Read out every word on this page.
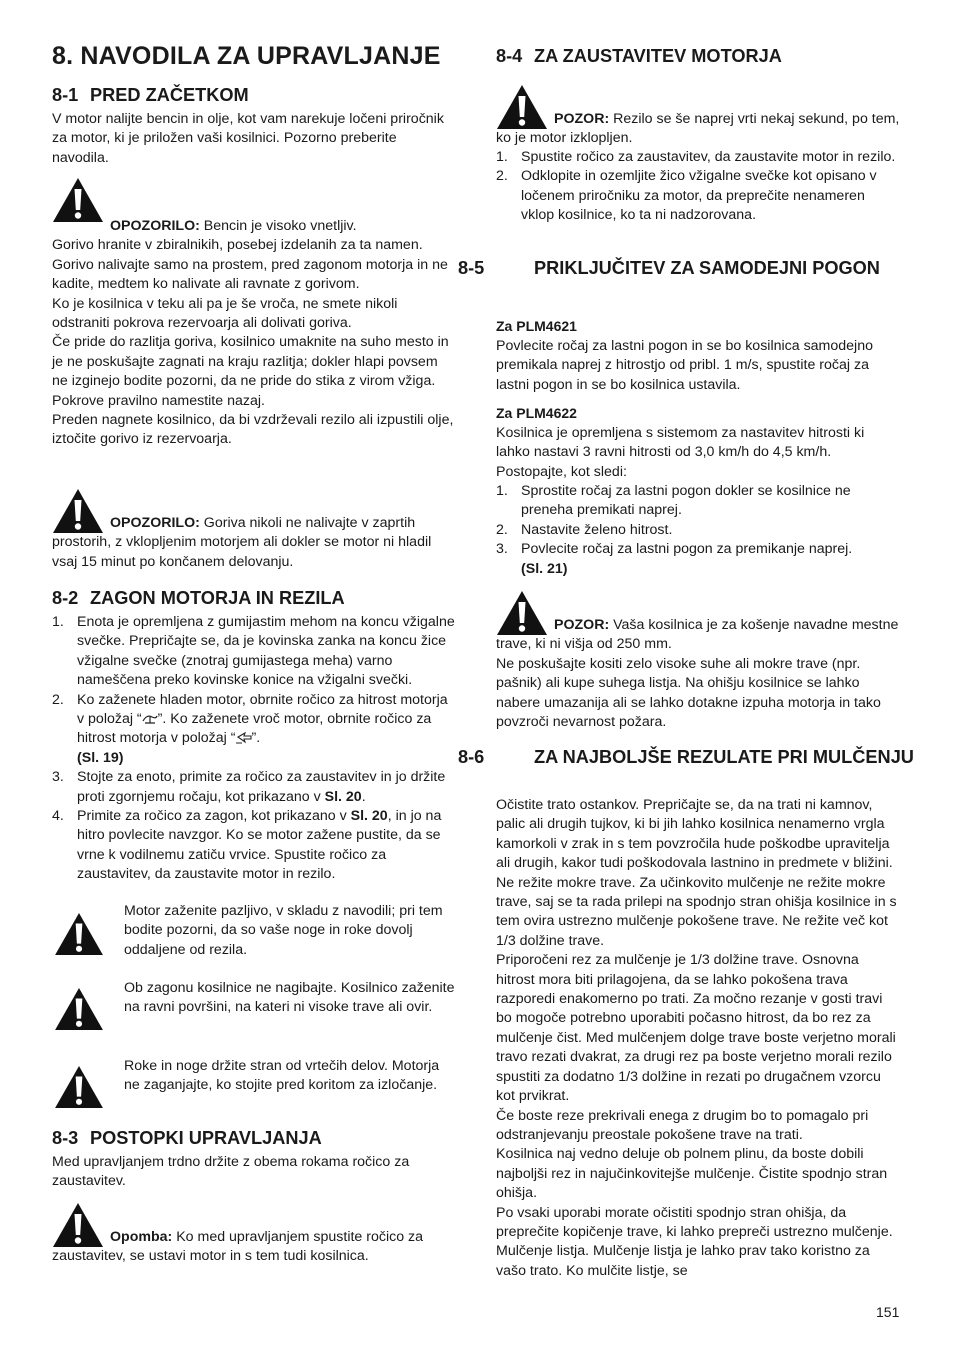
8. NAVODILA ZA UPRAVLJANJE
8-1 PRED ZAČETKOM

V motor nalijte bencin in olje, kot vam narekuje ločeni priročnik za motor, ki je priložen vaši kosilnici. Pozorno preberite navodila.

OPOZORILO: Bencin je visoko vnetljiv.

Gorivo hranite v zbiralnikih, posebej izdelanih za ta namen.

Gorivo nalivajte samo na prostem, pred zagonom motorja in ne kadite, medtem ko nalivate ali ravnate z gorivom.

Ko je kosilnica v teku ali pa je še vroča, ne smete nikoli odstraniti pokrova rezervoarja ali dolivati goriva.

Če pride do razlitja goriva, kosilnico umaknite na suho mesto in je ne poskušajte zagnati na kraju razlitja; dokler hlapi povsem ne izginejo bodite pozorni, da ne pride do stika z virom vžiga.

Pokrove pravilno namestite nazaj.

Preden nagnete kosilnico, da bi vzdrževali rezilo ali izpustili olje, iztočite gorivo iz rezervoarja.

OPOZORILO: Goriva nikoli ne nalivajte v zaprtih prostorih, z vklopljenim motorjem ali dokler se motor ni hladil vsaj 15 minut po končanem delovanju.

8-2 ZAGON MOTORJA IN REZILA
1. Enota je opremljena z gumijastim mehom na koncu vžigalne svečke. Prepričajte se, da je kovinska zanka na koncu žice vžigalne svečke (znotraj gumijastega meha) varno nameščena preko kovinske konice na vžigalni svečki.
2. Ko zaženete hladen motor, obrnite ročico za hitrost motorja v položaj “ ”. Ko zaženete vroč motor, obrnite ročico za hitrost motorja v položaj “ ”.
(Sl. 19)
3. Stojte za enoto, primite za ročico za zaustavitev in jo držite proti zgornjemu ročaju, kot prikazano v Sl. 20.
4. Primite za ročico za zagon, kot prikazano v Sl. 20, in jo na hitro povlecite navzgor. Ko se motor zažene pustite, da se vrne k vodilnemu zatiču vrvice. Spustite ročico za zaustavitev, da zaustavite motor in rezilo.

Motor zaženite pazljivo, v skladu z navodili; pri tem bodite pozorni, da so vaše noge in roke dovolj oddaljene od rezila.

Ob zagonu kosilnice ne nagibajte. Kosilnico zaženite na ravni površini, na kateri ni visoke trave ali ovir.

Roke in noge držite stran od vrtečih delov. Motorja ne zaganjajte, ko stojite pred koritom za izločanje.

8-3 POSTOPKI UPRAVLJANJA

Med upravljanjem trdno držite z obema rokama ročico za zaustavitev.

Opomba: Ko med upravljanjem spustite ročico za zaustavitev, se ustavi motor in s tem tudi kosilnica.

8-4 ZA ZAUSTAVITEV MOTORJA

POZOR: Rezilo se še naprej vrti nekaj sekund, po tem, ko je motor izklopljen.

1. Spustite ročico za zaustavitev, da zaustavite motor in rezilo.
2. Odklopite in ozemljite žico vžigalne svečke kot opisano v ločenem priročniku za motor, da preprečite nenameren vklop kosilnice, ko ta ni nadzorovana.
8-5	PRIKLJUČITEV ZA SAMODEJNI POGON
Za PLM4621

Povlecite ročaj za lastni pogon in se bo kosilnica samodejno premikala naprej z hitrostjo od pribl. 1 m/s, spustite ročaj za lastni pogon in se bo kosilnica ustavila.

Za PLM4622

Kosilnica je opremljena s sistemom za nastavitev hitrosti ki lahko nastavi 3 ravni hitrosti od 3,0 km/h do 4,5 km/h. Postopajte, kot sledi:

1. Sprostite ročaj za lastni pogon dokler se kosilnice ne preneha premikati naprej.
2. Nastavite želeno hitrost.
3. Povlecite ročaj za lastni pogon za premikanje naprej.
(Sl. 21)

POZOR: Vaša kosilnica je za košenje navadne mestne trave, ki ni višja od 250 mm.

Ne poskušajte kositi zelo visoke suhe ali mokre trave (npr. pašnik) ali kupe suhega listja. Na ohišju kosilnice se lahko nabere umazanija ali se lahko dotakne izpuha motorja in tako povzroči nevarnost požara.

8-6	ZA NAJBOLJŠE REZULATE PRI MULČENJU

Očistite trato ostankov. Prepričajte se, da na trati ni kamnov, palic ali drugih tujkov, ki bi jih lahko kosilnica nenamerno vrgla kamorkoli v zrak in s tem povzročila hude poškodbe upravitelja ali drugih, kakor tudi poškodovala lastnino in predmete v bližini. Ne režite mokre trave. Za učinkovito mulčenje ne režite mokre trave, saj se ta rada prilepi na spodnjo stran ohišja kosilnice in s tem ovira ustrezno mulčenje pokošene trave. Ne režite več kot 1/3 dolžine trave.

Priporočeni rez za mulčenje je 1/3 dolžine trave. Osnovna hitrost mora biti prilagojena, da se lahko pokošena trava razporedi enakomerno po trati. Za močno rezanje v gosti travi bo mogoče potrebno uporabiti počasno hitrost, da bo rez za mulčenje čist. Med mulčenjem dolge trave boste verjetno morali travo rezati dvakrat, za drugi rez pa boste verjetno morali rezilo spustiti za dodatno 1/3 dolžine in rezati po drugačnem vzorcu kot prvikrat.

Če boste reze prekrivali enega z drugim bo to pomagalo pri odstranjevanju preostale pokošene trave na trati.

Kosilnica naj vedno deluje ob polnem plinu, da boste dobili najboljši rez in najučinkovitejše mulčenje. Čistite spodnjo stran ohišja.

Po vsaki uporabi morate očistiti spodnjo stran ohišja, da preprečite kopičenje trave, ki lahko prepreči ustrezno mulčenje. Mulčenje listja. Mulčenje listja je lahko prav tako koristno za vašo trato. Ko mulčite listje, se

151
